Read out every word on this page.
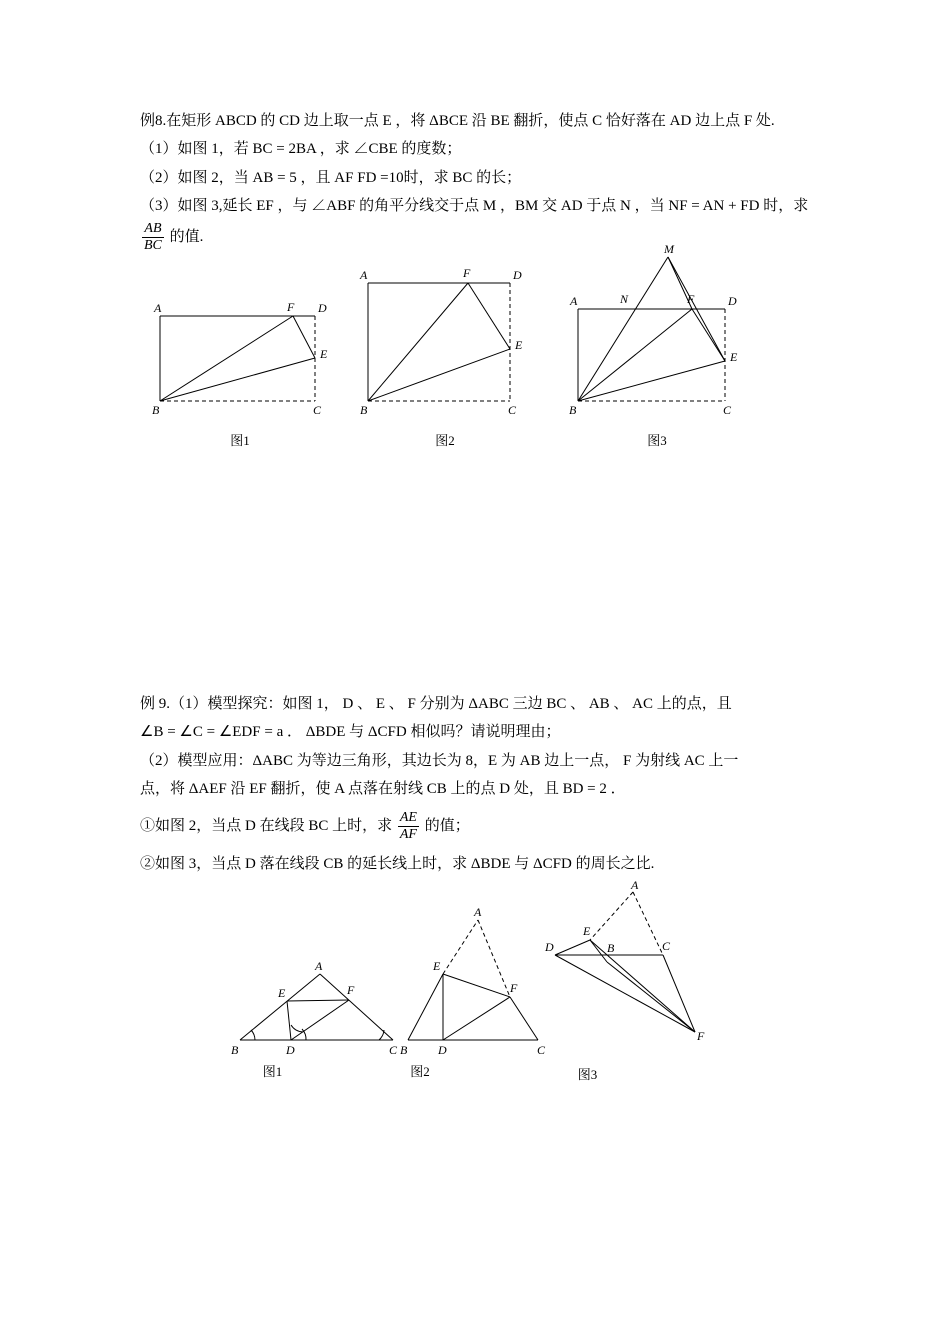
例8.在矩形 ABCD 的 CD 边上取一点 E ，将 ΔBCE 沿 BE 翻折，使点 C 恰好落在 AD 边上点 F 处.

（1）如图 1，若 BC = 2BA ，求 ∠CBE 的度数；

（2）如图 2，当 AB = 5 ，且 AF FD =10时，求 BC 的长；

（3）如图 3,延长 EF ，与 ∠ABF 的角平分线交于点 M ，BM 交 AD 于点 N ，当 NF = AN + FD 时，求

$\frac{AB}{BC}$ 的值.

A	F D
E
B	C
图1
A	F	D
E
B	C
图2
M
A	N	F	D
E
B	C
图3

例 9.（1）模型探究：如图 1， D 、 E 、 F 分别为 ΔABC 三边 BC 、 AB 、 AC 上的点，且

∠B = ∠C = ∠EDF = a ． ΔBDE 与 ΔCFD 相似吗？请说明理由；

（2）模型应用：ΔABC 为等边三角形，其边长为 8，E 为 AB 边上一点， F 为射线 AC 上一

点，将 ΔAEF 沿 EF 翻折，使 A 点落在射线 CB 上的点 D 处，且 BD = 2 ．

①如图 2，当点 D 在线段 BC 上时，求 $\frac{AE}{AF}$ 的值；

②如图 3，当点 D 落在线段 CB 的延长线上时，求 ΔBDE 与 ΔCFD 的周长之比.

E
A
F
B	D	C
图1
A
E
F
B	D	C
图2
A
E
B	C
D
F
图3
